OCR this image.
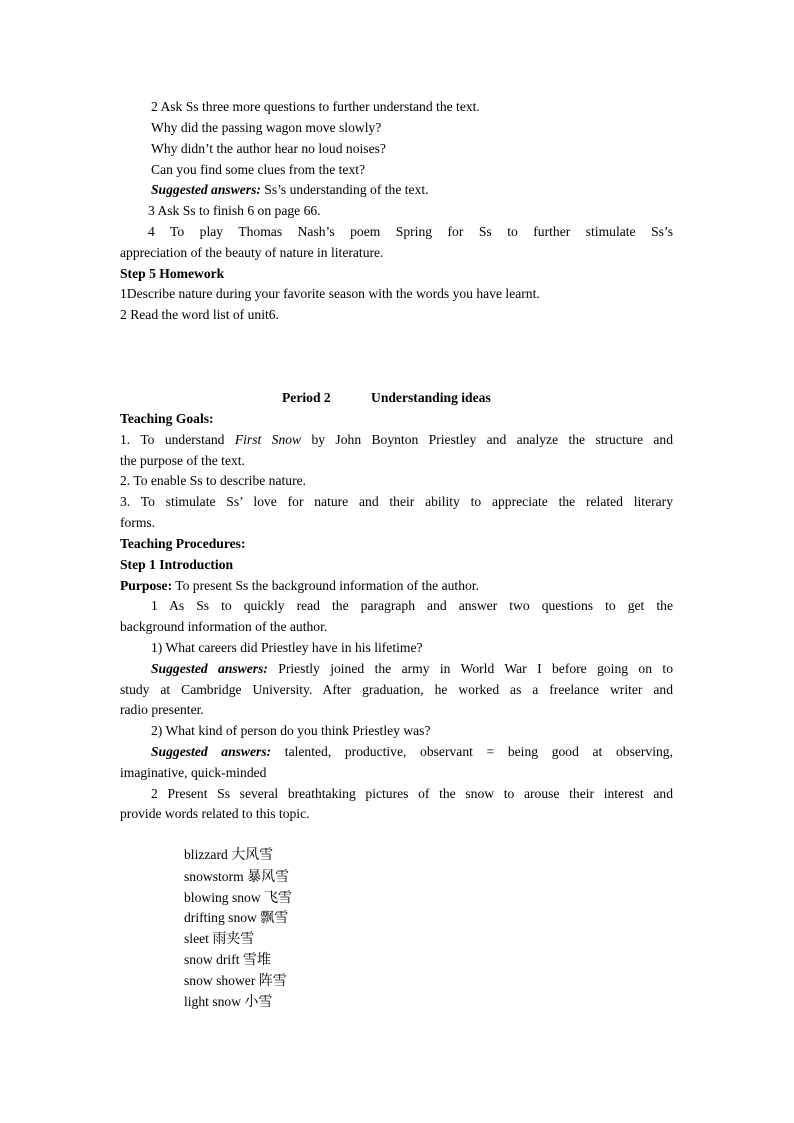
2 Ask Ss three more questions to further understand the text.
Why did the passing wagon move slowly?
Why didn’t the author hear no loud noises?
Can you find some clues from the text?
Suggested answers: Ss’s understanding of the text.
3 Ask Ss to finish 6 on page 66.
4 To play Thomas Nash’s poem Spring for Ss to further stimulate Ss’s
appreciation of the beauty of nature in literature.
Step 5 Homework
1Describe nature during your favorite season with the words you have learnt.
2 Read the word list of unit6.
Period 2	Understanding ideas
Teaching Goals:
1. To understand First Snow by John Boynton Priestley and analyze the structure and
the purpose of the text.
2. To enable Ss to describe nature.
3. To stimulate Ss’ love for nature and their ability to appreciate the related literary
forms.
Teaching Procedures:
Step 1 Introduction
Purpose: To present Ss the background information of the author.
1 As Ss to quickly read the paragraph and answer two questions to get the
background information of the author.
1) What careers did Priestley have in his lifetime?
Suggested answers: Priestly joined the army in World War I before going on to
study at Cambridge University. After graduation, he worked as a freelance writer and
radio presenter.
2) What kind of person do you think Priestley was?
Suggested answers: talented, productive, observant = being good at observing,
imaginative, quick-minded
2 Present Ss several breathtaking pictures of the snow to arouse their interest and
provide words related to this topic.
blizzard 大风雪
snowstorm 暴风雪
blowing snow 飞雪
drifting snow 飘雪
sleet 雨夹雪
snow drift 雪堆
snow shower 阵雪
light snow 小雪
